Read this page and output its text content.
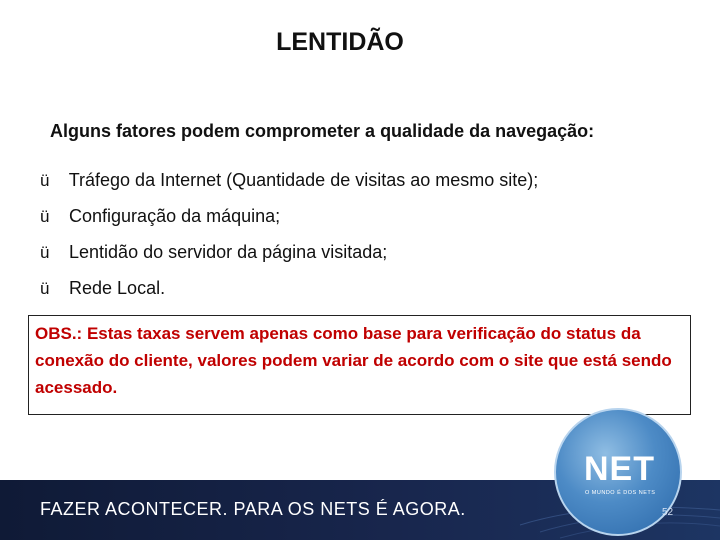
LENTIDÃO
Alguns fatores podem comprometer a qualidade da navegação:
ü Tráfego da Internet (Quantidade de visitas ao mesmo site);
ü Configuração da máquina;
ü Lentidão do servidor da página visitada;
ü Rede Local.
OBS.: Estas taxas servem apenas como base para verificação do status da conexão do cliente, valores podem variar de acordo com o site que está sendo acessado.
FAZER ACONTECER. PARA OS NETS É AGORA.
NET
O MUNDO É DOS NETS
52
